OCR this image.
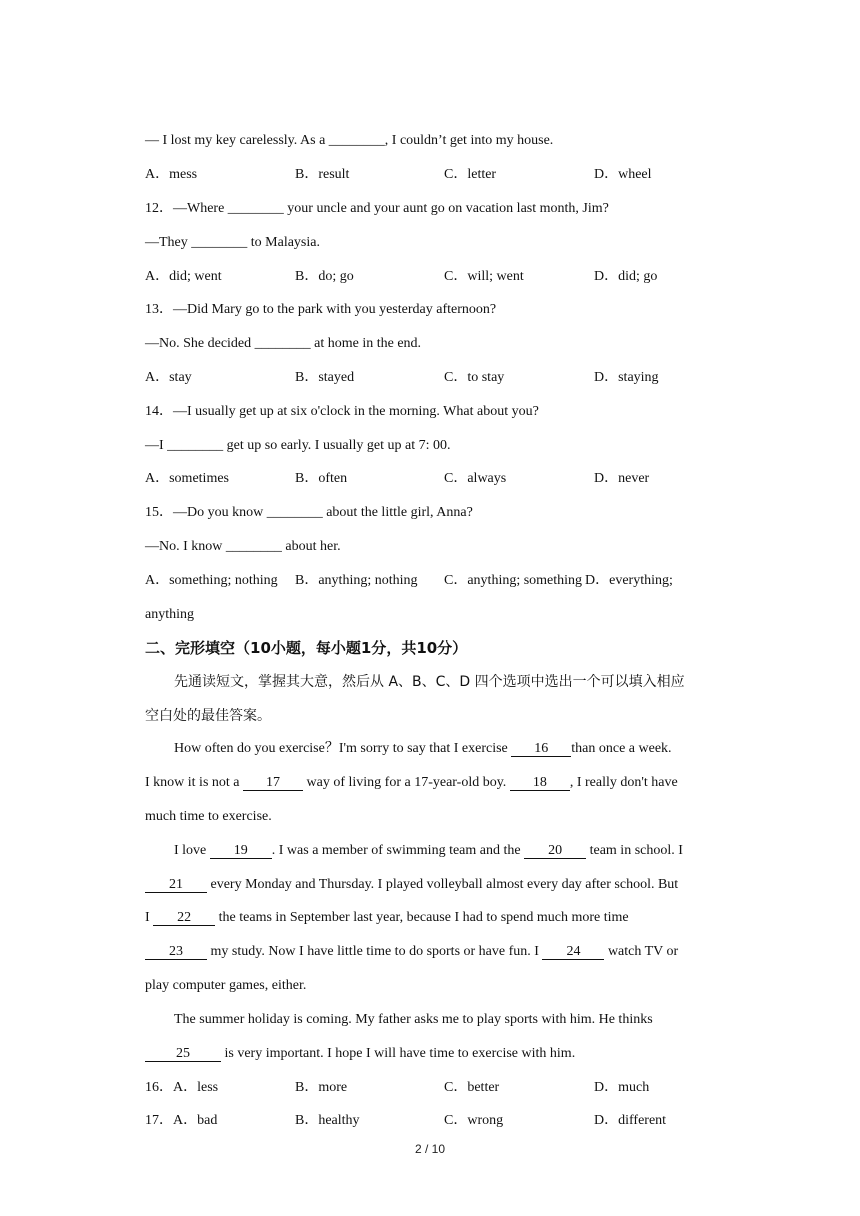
— I lost my key carelessly. As a ________, I couldn’t get into my house.
A．mess	B．result	C．letter	D．wheel
12．—Where ________ your uncle and your aunt go on vacation last month, Jim?
—They ________ to Malaysia.
A．did; went	B．do; go	C．will; went	D．did; go
13．—Did Mary go to the park with you yesterday afternoon?
—No. She decided ________ at home in the end.
A．stay	B．stayed	C．to stay	D．staying
14．—I usually get up at six o'clock in the morning. What about you?
—I ________ get up so early. I usually get up at 7: 00.
A．sometimes	B．often	C．always	D．never
15．—Do you know ________ about the little girl, Anna?
—No. I know ________ about her.
A．something; nothing B．anything; nothing C．anything; something D．everything;
anything
二、完形填空（10小题，每小题1分，共10分）
先通读短文，掌握其大意，然后从 A、B、C、D 四个选项中选出一个可以填入相应
空白处的最佳答案。
How often do you exercise？I'm sorry to say that I exercise 16 than once a week.
I know it is not a 17 way of living for a 17-year-old boy. 18 , I really don't have
much time to exercise.
I love 19 . I was a member of swimming team and the 20 team in school. I
21 every Monday and Thursday. I played volleyball almost every day after school. But
I 22 the teams in September last year, because I had to spend much more time
23 my study. Now I have little time to do sports or have fun. I 24 watch TV or
play computer games, either.
The summer holiday is coming. My father asks me to play sports with him. He thinks
25 is very important. I hope I will have time to exercise with him.
16．A．less	B．more	C．better	D．much
17．A．bad	B．healthy	C．wrong	D．different
2 / 10
